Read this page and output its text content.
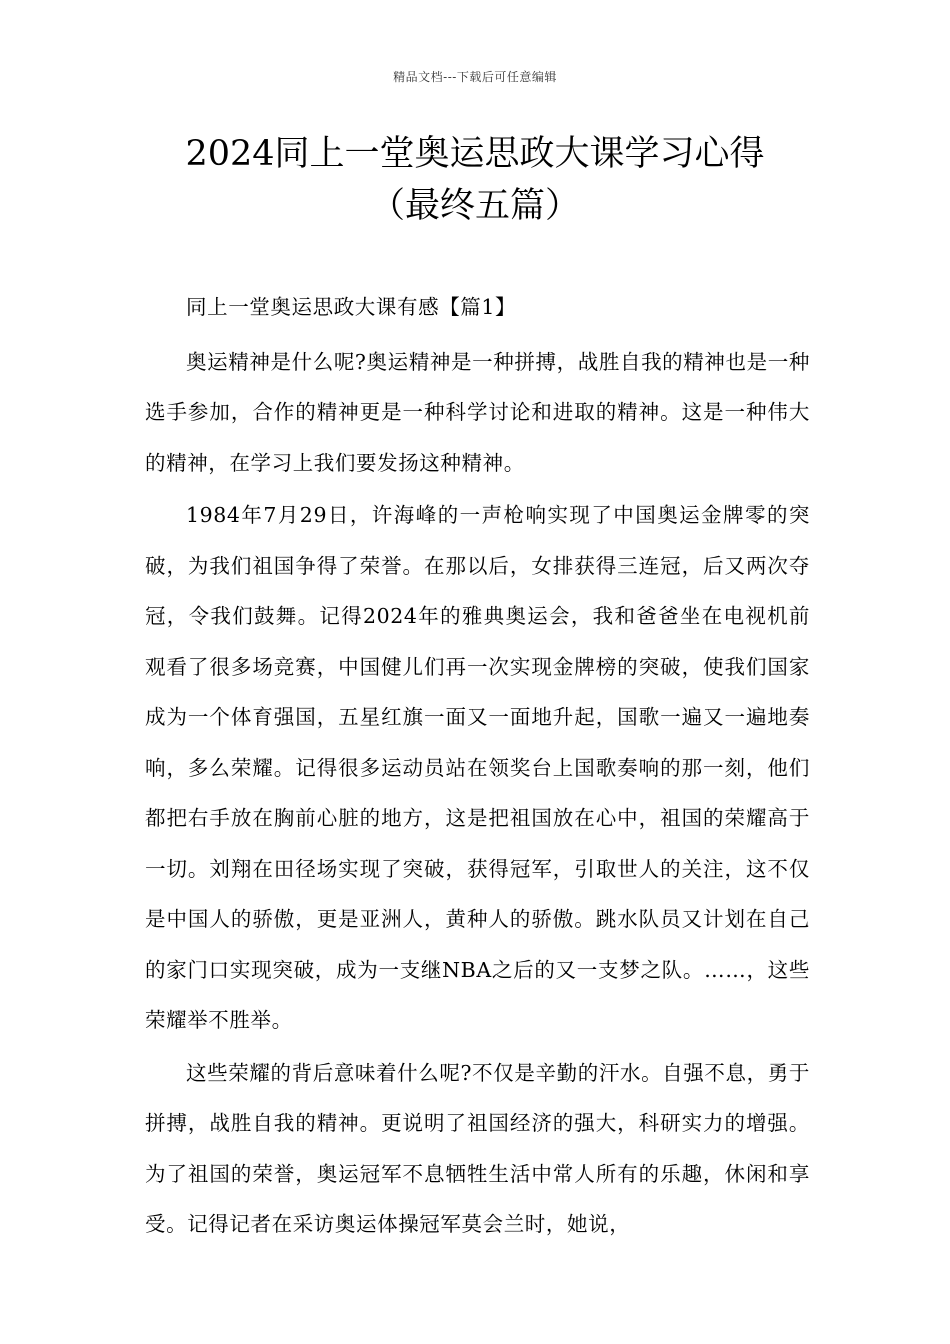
精品文档---下载后可任意编辑
2024同上一堂奥运思政大课学习心得
（最终五篇）

同上一堂奥运思政大课有感【篇1】

奥运精神是什么呢?奥运精神是一种拼搏，战胜自我的精神也是一种选手参加，合作的精神更是一种科学讨论和进取的精神。这是一种伟大的精神，在学习上我们要发扬这种精神。

1984年7月29日，许海峰的一声枪响实现了中国奥运金牌零的突破，为我们祖国争得了荣誉。在那以后，女排获得三连冠，后又两次夺冠，令我们鼓舞。记得2024年的雅典奥运会，我和爸爸坐在电视机前观看了很多场竞赛，中国健儿们再一次实现金牌榜的突破，使我们国家成为一个体育强国，五星红旗一面又一面地升起，国歌一遍又一遍地奏响，多么荣耀。记得很多运动员站在领奖台上国歌奏响的那一刻，他们都把右手放在胸前心脏的地方，这是把祖国放在心中，祖国的荣耀高于一切。刘翔在田径场实现了突破，获得冠军，引取世人的关注，这不仅是中国人的骄傲，更是亚洲人，黄种人的骄傲。跳水队员又计划在自己的家门口实现突破，成为一支继NBA之后的又一支梦之队。……，这些荣耀举不胜举。

这些荣耀的背后意味着什么呢?不仅是辛勤的汗水。自强不息，勇于拼搏，战胜自我的精神。更说明了祖国经济的强大，科研实力的增强。为了祖国的荣誉，奥运冠军不息牺牲生活中常人所有的乐趣，休闲和享受。记得记者在采访奥运体操冠军莫会兰时，她说，
